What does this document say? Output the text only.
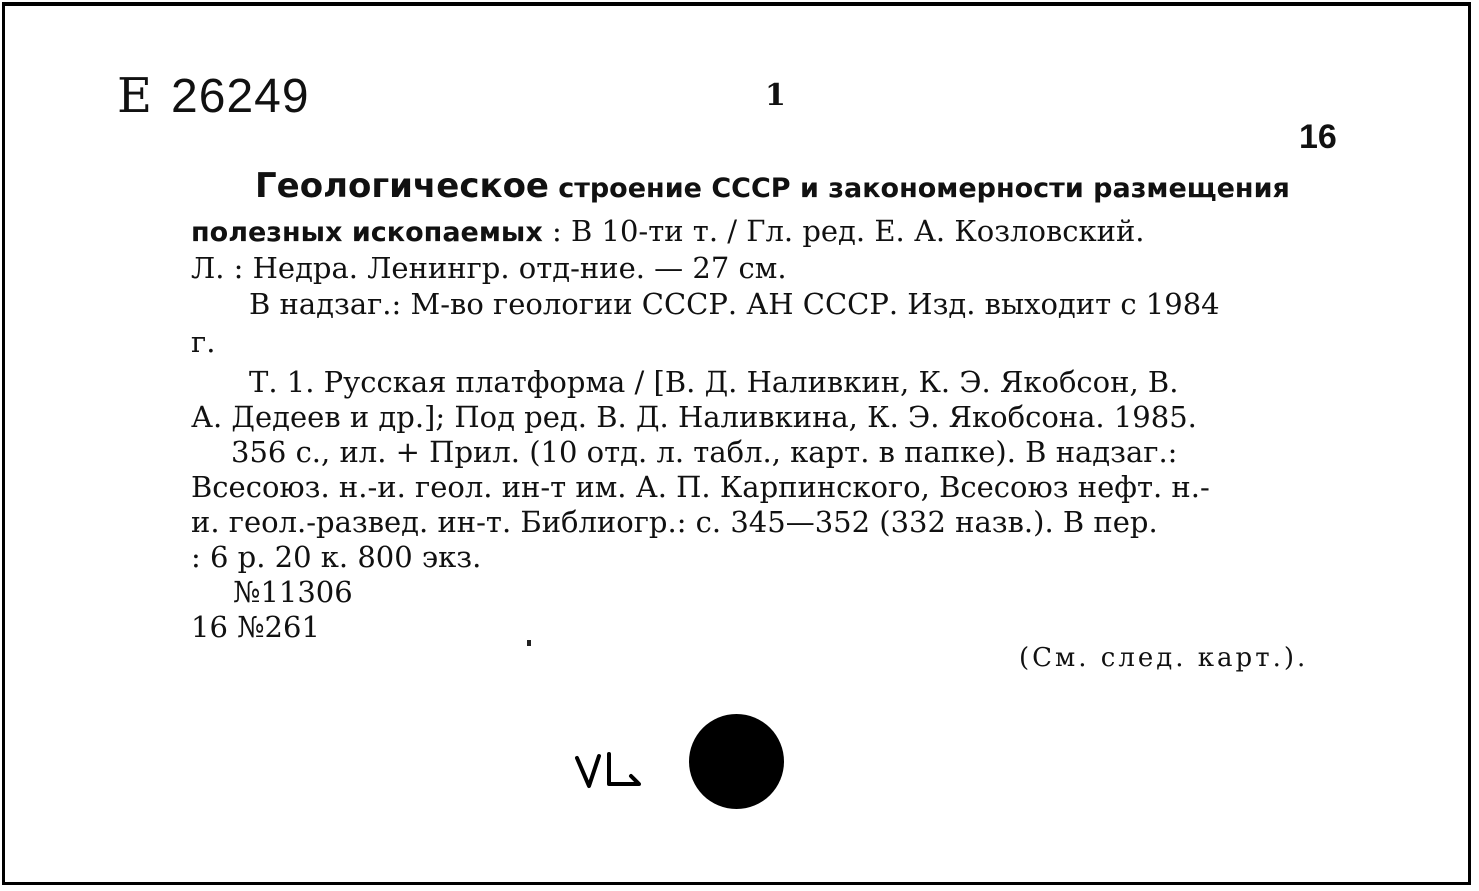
E 26249	1
16
Геологическое строение СССР и закономерности размещения
полезных ископаемых : В 10-ти т. / Гл. ред. Е. А. Козловский.
Л. : Недра. Ленингр. отд-ние. — 27 см.
В надзаг.: М-во геологии СССР. АН СССР. Изд. выходит с 1984
г.
Т. 1. Русская платформа / [В. Д. Наливкин, К. Э. Якобсон, В.
А. Дедеев и др.]; Под ред. В. Д. Наливкина, К. Э. Якобсона. 1985.
356 с., ил. + Прил. (10 отд. л. табл., карт. в папке). В надзаг.:
Всесоюз. н.-и. геол. ин-т им. А. П. Карпинского, Всесоюз нефт. н.-
и. геол.-развед. ин-т. Библиогр.: с. 345—352 (332 назв.). В пер.
: 6 р. 20 к. 800 экз.
№11306
16 №261
(См. след. карт.).
